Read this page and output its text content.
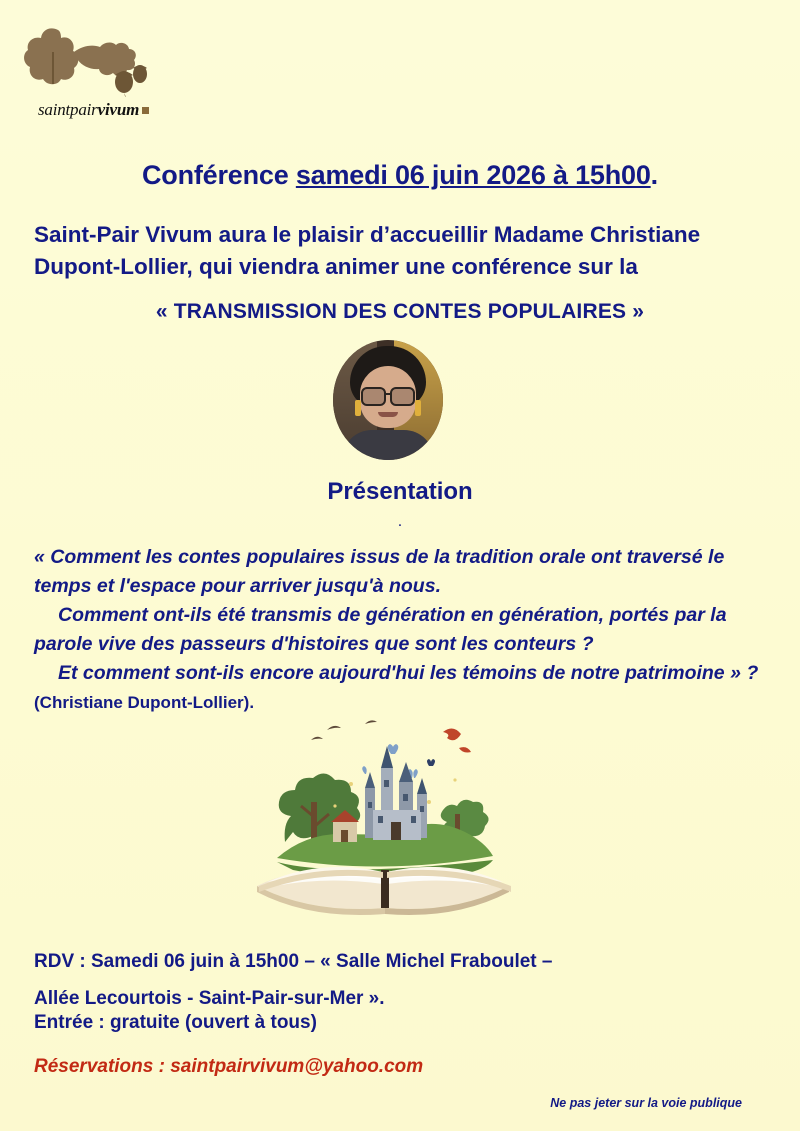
saintpairvivum
Conférence samedi 06 juin 2026 à 15h00.
Saint-Pair Vivum aura le plaisir d’accueillir Madame Christiane
Dupont-Lollier, qui viendra animer une conférence sur la
« TRANSMISSION DES CONTES POPULAIRES »
Présentation
.
« Comment les contes populaires issus de la tradition orale ont traversé le temps et l'espace pour arriver jusqu'à nous.
Comment ont-ils été transmis de génération en génération, portés par la parole vive des passeurs d'histoires que sont les conteurs ?
Et comment sont-ils encore aujourd'hui les témoins de notre patrimoine » ? (Christiane Dupont-Lollier).
RDV : Samedi 06 juin à 15h00 – « Salle Michel Fraboulet –
Allée Lecourtois - Saint-Pair-sur-Mer ».
Entrée : gratuite (ouvert à tous)
Réservations : saintpairvivum@yahoo.com
Ne pas jeter sur la voie publique
